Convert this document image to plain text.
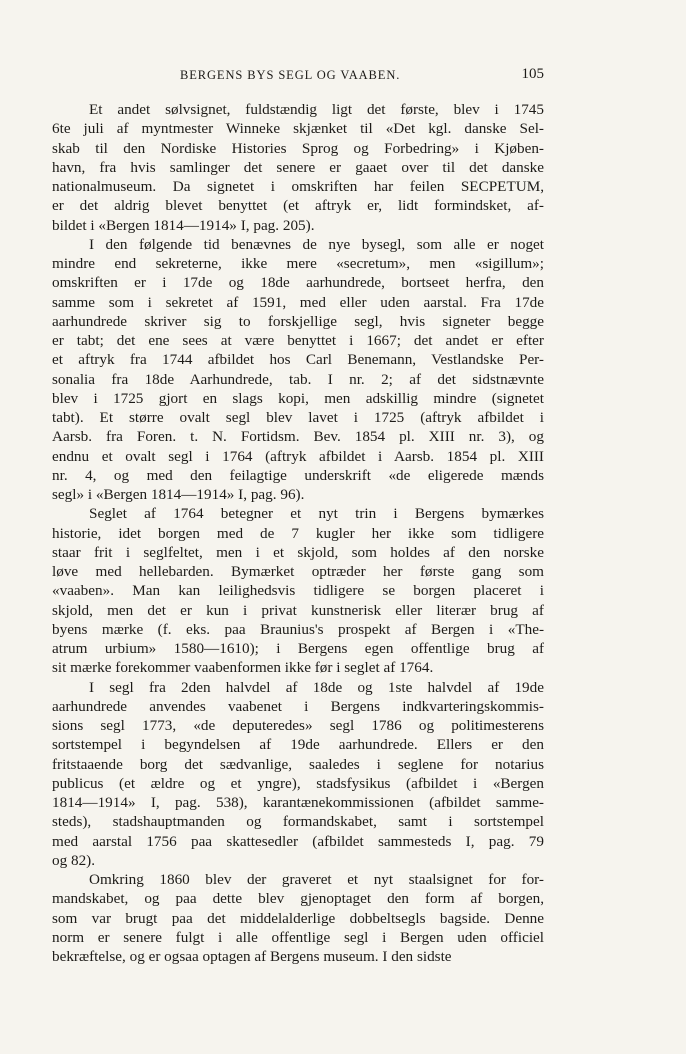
BERGENS BYS SEGL OG VAABEN.	105
Et andet sølvsignet, fuldstændig ligt det første, blev i 1745
6te juli af myntmester Winneke skjænket til «Det kgl. danske Sel-
skab til den Nordiske Histories Sprog og Forbedring» i Kjøben-
havn, fra hvis samlinger det senere er gaaet over til det danske
nationalmuseum. Da signetet i omskriften har feilen SECPETUM,
er det aldrig blevet benyttet (et aftryk er, lidt formindsket, af-
bildet i «Bergen 1814—1914» I, pag. 205).
I den følgende tid benævnes de nye bysegl, som alle er noget
mindre end sekreterne, ikke mere «secretum», men «sigillum»;
omskriften er i 17de og 18de aarhundrede, bortseet herfra, den
samme som i sekretet af 1591, med eller uden aarstal. Fra 17de
aarhundrede skriver sig to forskjellige segl, hvis signeter begge
er tabt; det ene sees at være benyttet i 1667; det andet er efter
et aftryk fra 1744 afbildet hos Carl Benemann, Vestlandske Per-
sonalia fra 18de Aarhundrede, tab. I nr. 2; af det sidstnævnte
blev i 1725 gjort en slags kopi, men adskillig mindre (signetet
tabt). Et større ovalt segl blev lavet i 1725 (aftryk afbildet i
Aarsb. fra Foren. t. N. Fortidsm. Bev. 1854 pl. XIII nr. 3), og
endnu et ovalt segl i 1764 (aftryk afbildet i Aarsb. 1854 pl. XIII
nr. 4, og med den feilagtige underskrift «de eligerede mænds
segl» i «Bergen 1814—1914» I, pag. 96).
Seglet af 1764 betegner et nyt trin i Bergens bymærkes
historie, idet borgen med de 7 kugler her ikke som tidligere
staar frit i seglfeltet, men i et skjold, som holdes af den norske
løve med hellebarden. Bymærket optræder her første gang som
«vaaben». Man kan leilighedsvis tidligere se borgen placeret i
skjold, men det er kun i privat kunstnerisk eller literær brug af
byens mærke (f. eks. paa Braunius's prospekt af Bergen i «The-
atrum urbium» 1580—1610); i Bergens egen offentlige brug af
sit mærke forekommer vaabenformen ikke før i seglet af 1764.
I segl fra 2den halvdel af 18de og 1ste halvdel af 19de
aarhundrede anvendes vaabenet i Bergens indkvarteringskommis-
sions segl 1773, «de deputeredes» segl 1786 og politimesterens
sortstempel i begyndelsen af 19de aarhundrede. Ellers er den
fritstaaende borg det sædvanlige, saaledes i seglene for notarius
publicus (et ældre og et yngre), stadsfysikus (afbildet i «Bergen
1814—1914» I, pag. 538), karantænekommissionen (afbildet samme-
steds), stadshauptmanden og formandskabet, samt i sortstempel
med aarstal 1756 paa skattesedler (afbildet sammesteds I, pag. 79
og 82).
Omkring 1860 blev der graveret et nyt staalsignet for for-
mandskabet, og paa dette blev gjenoptaget den form af borgen,
som var brugt paa det middelalderlige dobbeltsegls bagside. Denne
norm er senere fulgt i alle offentlige segl i Bergen uden officiel
bekræftelse, og er ogsaa optagen af Bergens museum. I den sidste
